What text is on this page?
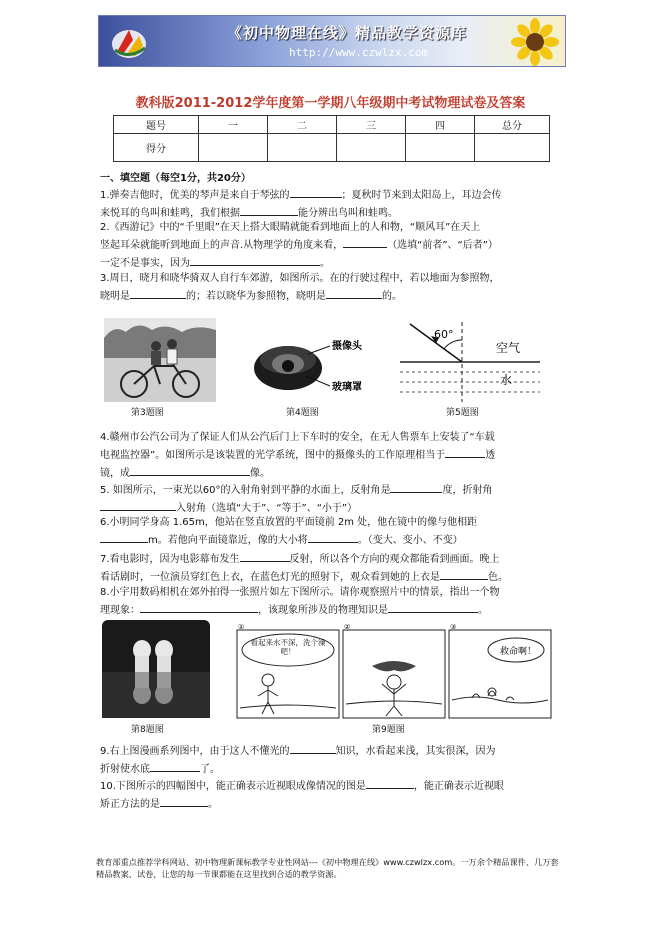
《初中物理在线》精品教学资源库
http://www.czwlzx.com
教科版2011-2012学年度第一学期八年级期中考试物理试卷及答案
题号	一	二	三	四	总分
得分					
一、填空题（每空1分，共20分）
1.弹奏吉他时，优美的琴声是来自于琴弦的	；夏秋时节来到太阳岛上，耳边会传
来悦耳的鸟叫和蛙鸣，我们根据	能分辨出鸟叫和蛙鸣。
2.《西游记》中的“千里眼”在天上搭大眼睛就能看到地面上的人和物，“顺风耳”在天上
竖起耳朵就能听到地面上的声音.从物理学的角度来看，	（选填“前者”、“后者”）
一定不是事实，因为	。
3.周日，晓月和晓华骑双人自行车郊游，如图所示。在的行驶过程中，若以地面为参照物，
晓明是	的；若以晓华为参照物，晓明是	的。
第3题图
摄像头
玻璃罩
第4题图
60°
空气
水
第5题图
4.赣州市公汽公司为了保证人们从公汽后门上下车时的安全，在无人售票车上安装了“车载
电视监控器”。如图所示是该装置的光学系统，图中的摄像头的工作原理相当于	透
镜，成	像。
5. 如图所示，一束光以60°的入射角射到平静的水面上，反射角是	度，折射角
入射角（选填“大于”、“等于”、“小于”）
6.小明同学身高 1.65m，他站在竖直放置的平面镜前 2m 处，他在镜中的像与他相距
m。若他向平面镜靠近，像的大小将	。（变大、变小、不变）
7.看电影时，因为电影幕布发生	反射，所以各个方向的观众都能看到画面。晚上
看话剧时，一位演员穿红色上衣，在蓝色灯光的照射下，观众看到她的上衣是	色。
8.小宇用数码相机在郊外拍得一张照片如左下图所示。请你观察照片中的情景，指出一个物
理现象：	，该现象所涉及的物理知识是	。
第8题图
①	②	③
看起来水不深，洗个澡吧！	救命啊！
第9题图
9.右上图漫画系列图中，由于这人不懂光的	知识，水看起来浅，其实很深，因为
折射使水底	了。
10.下图所示的四幅图中，能正确表示近视眼成像情况的图是	，能正确表示近视眼
矫正方法的是	。
教育部重点推荐学科网站、初中物理新课标教学专业性网站---《初中物理在线》www.czwlzx.com。一万余个精品课件、几万套精品教案、试卷，让您的每一节课都能在这里找到合适的教学资源。
